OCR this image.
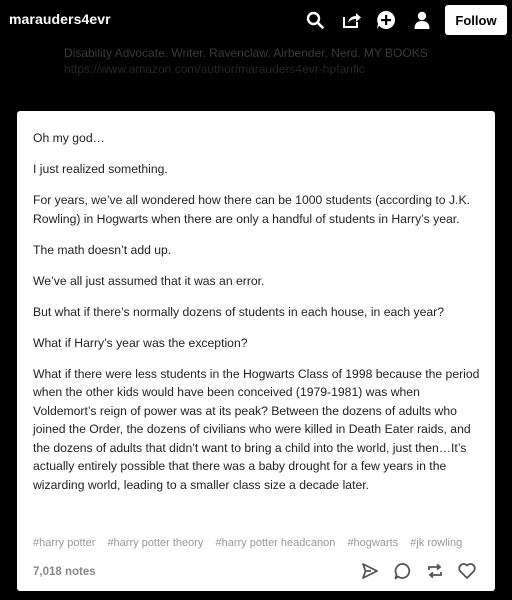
marauders4evr	Follow
Disability Advocate. Writer. Ravenclaw. Airbender. Nerd. MY BOOKS
https://www.amazon.com/author/marauders4evr-hpfanfic

Oh my god…

I just realized something.

For years, we’ve all wondered how there can be 1000 students (according to J.K. Rowling) in Hogwarts when there are only a handful of students in Harry’s year.

The math doesn’t add up.

We’ve all just assumed that it was an error.

But what if there’s normally dozens of students in each house, in each year?

What if Harry’s year was the exception?

What if there were less students in the Hogwarts Class of 1998 because the period when the other kids would have been conceived (1979-1981) was when Voldemort’s reign of power was at its peak? Between the dozens of adults who joined the Order, the dozens of civilians who were killed in Death Eater raids, and the dozens of adults that didn’t want to bring a child into the world, just then…It’s actually entirely possible that there was a baby drought for a few years in the wizarding world, leading to a smaller class size a decade later.

#harry potter #harry potter theory #harry potter headcanon #hogwarts #jk rowling
7,018 notes
